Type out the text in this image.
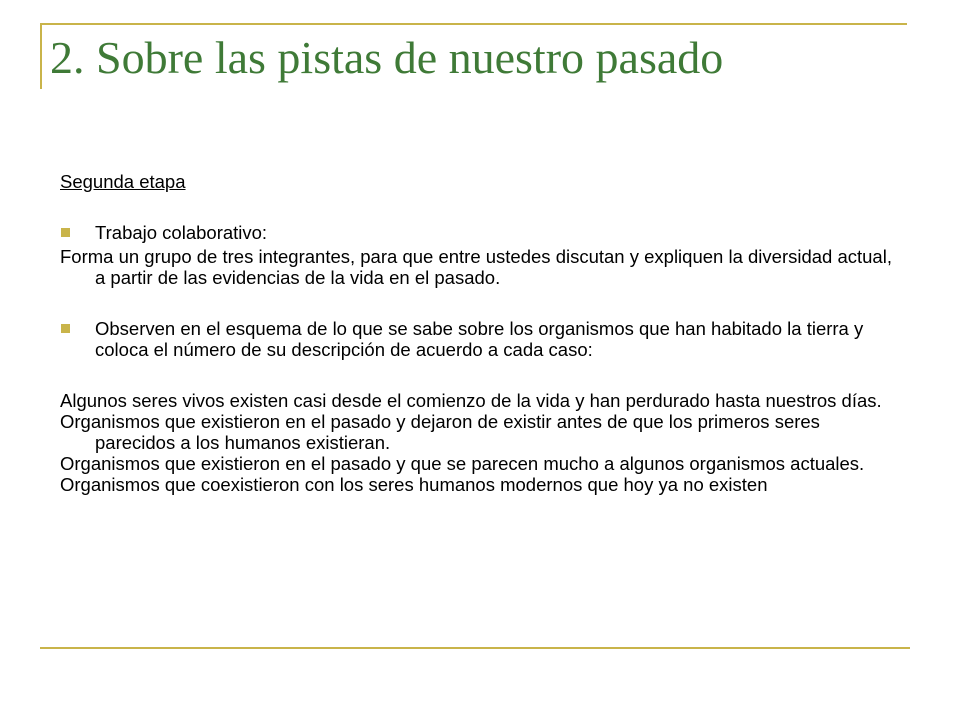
2. Sobre las pistas de nuestro pasado

Segunda etapa

Trabajo colaborativo:

Forma un grupo de tres integrantes, para que entre ustedes discutan y expliquen la diversidad actual, a partir de las evidencias de la vida en el pasado.

Observen en el esquema de lo que se sabe sobre los organismos que han habitado la tierra y coloca el número de su descripción de acuerdo a cada caso:

Algunos seres vivos existen casi desde el comienzo de la vida y han perdurado hasta nuestros días.

Organismos que existieron en el pasado y dejaron de existir antes de que los primeros seres parecidos a los humanos existieran.

Organismos que existieron en el pasado y que se parecen mucho a algunos organismos actuales.

Organismos que coexistieron con los seres humanos modernos que hoy ya no existen
